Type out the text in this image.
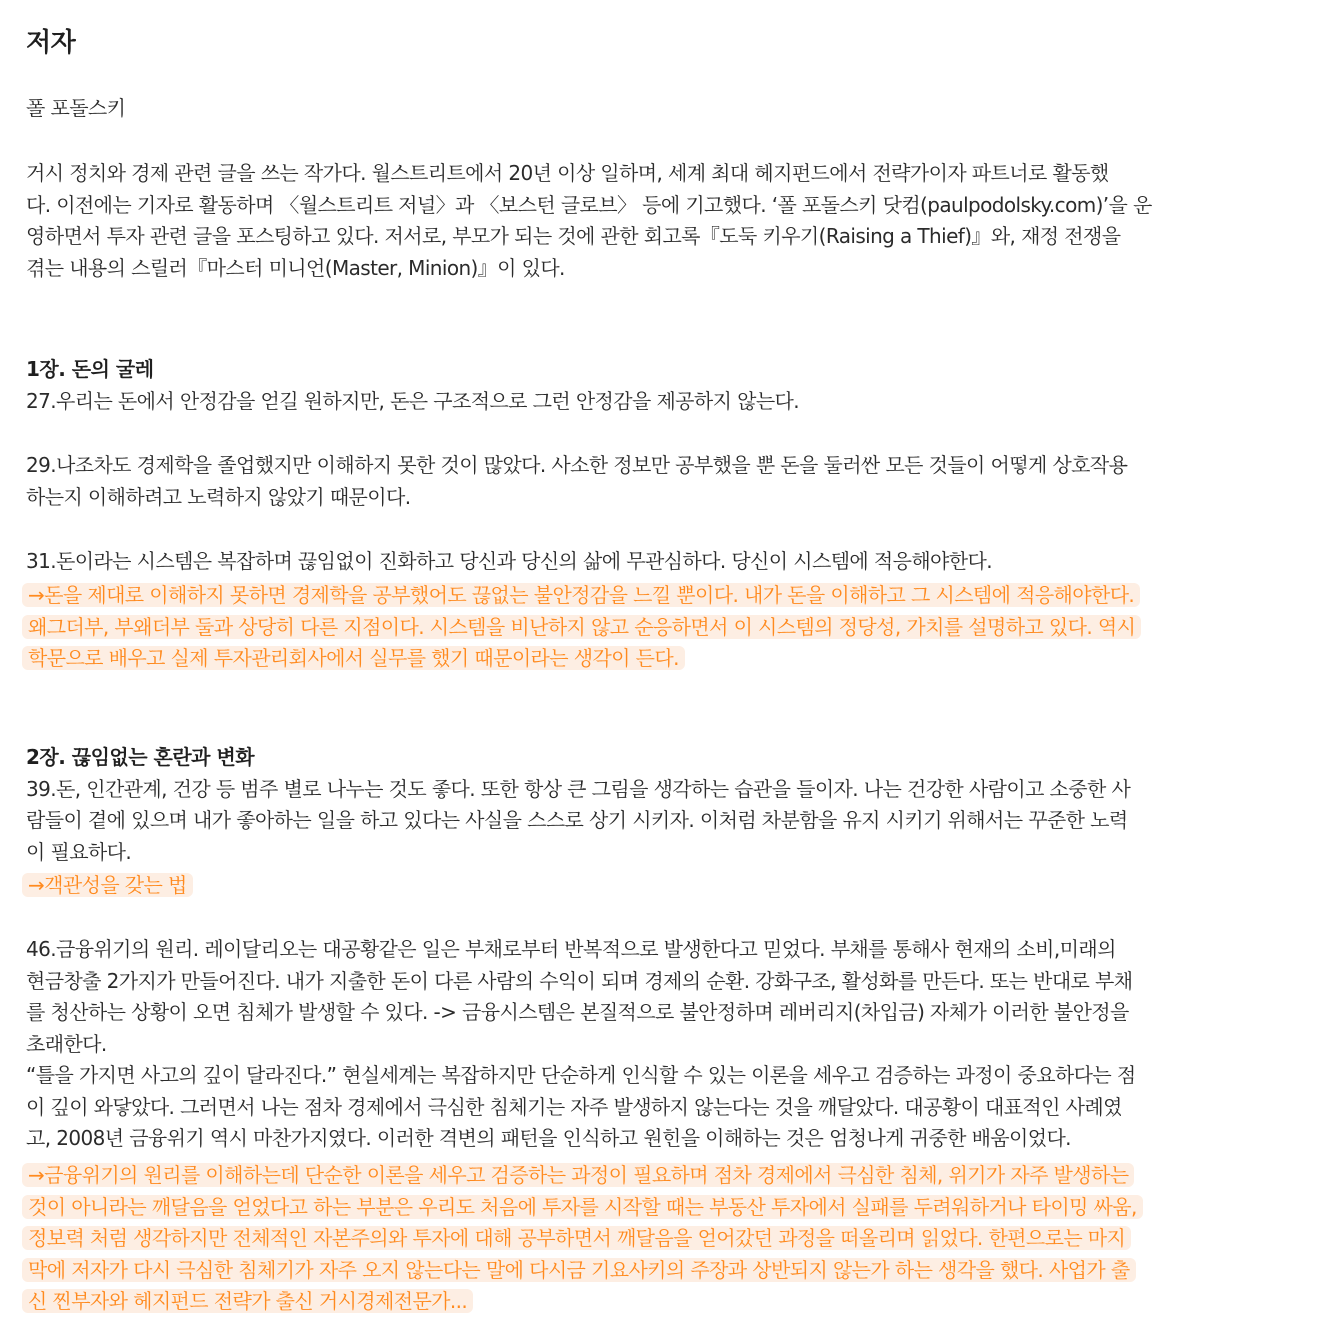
저자
폴 포돌스키
거시 정치와 경제 관련 글을 쓰는 작가다. 월스트리트에서 20년 이상 일하며, 세계 최대 헤지펀드에서 전략가이자 파트너로 활동했
다. 이전에는 기자로 활동하며 〈월스트리트 저널〉과 〈보스턴 글로브〉 등에 기고했다. ‘폴 포돌스키 닷컴(paulpodolsky.com)’을 운
영하면서 투자 관련 글을 포스팅하고 있다. 저서로, 부모가 되는 것에 관한 회고록『도둑 키우기(Raising a Thief)』와, 재정 전쟁을
겪는 내용의 스릴러『마스터 미니언(Master, Minion)』이 있다.
1장. 돈의 굴레
27.우리는 돈에서 안정감을 얻길 원하지만, 돈은 구조적으로 그런 안정감을 제공하지 않는다.
29.나조차도 경제학을 졸업했지만 이해하지 못한 것이 많았다. 사소한 정보만 공부했을 뿐 돈을 둘러싼 모든 것들이 어떻게 상호작용
하는지 이해하려고 노력하지 않았기 때문이다.
31.돈이라는 시스템은 복잡하며 끊임없이 진화하고 당신과 당신의 삶에 무관심하다. 당신이 시스템에 적응해야한다.
→돈을 제대로 이해하지 못하면 경제학을 공부했어도 끊없는 불안정감을 느낄 뿐이다. 내가 돈을 이해하고 그 시스템에 적응해야한다.
왜그더부, 부왜더부 둘과 상당히 다른 지점이다. 시스템을 비난하지 않고 순응하면서 이 시스템의 정당성, 가치를 설명하고 있다. 역시
학문으로 배우고 실제 투자관리회사에서 실무를 했기 때문이라는 생각이 든다.
2장. 끊임없는 혼란과 변화
39.돈, 인간관계, 건강 등 범주 별로 나누는 것도 좋다. 또한 항상 큰 그림을 생각하는 습관을 들이자. 나는 건강한 사람이고 소중한 사
람들이 곁에 있으며 내가 좋아하는 일을 하고 있다는 사실을 스스로 상기 시키자. 이처럼 차분함을 유지 시키기 위해서는 꾸준한 노력
이 필요하다.
→객관성을 갖는 법
46.금융위기의 원리. 레이달리오는 대공황같은 일은 부채로부터 반복적으로 발생한다고 믿었다. 부채를 통해사 현재의 소비,미래의
현금창출 2가지가 만들어진다. 내가 지출한 돈이 다른 사람의 수익이 되며 경제의 순환. 강화구조, 활성화를 만든다. 또는 반대로 부채
를 청산하는 상황이 오면 침체가 발생할 수 있다. -> 금융시스템은 본질적으로 불안정하며 레버리지(차입금) 자체가 이러한 불안정을
초래한다.
“틀을 가지면 사고의 깊이 달라진다.” 현실세계는 복잡하지만 단순하게 인식할 수 있는 이론을 세우고 검증하는 과정이 중요하다는 점
이 깊이 와닿았다. 그러면서 나는 점차 경제에서 극심한 침체기는 자주 발생하지 않는다는 것을 깨달았다. 대공황이 대표적인 사례였
고, 2008년 금융위기 역시 마찬가지였다. 이러한 격변의 패턴을 인식하고 원힌을 이해하는 것은 엄청나게 귀중한 배움이었다.
→금융위기의 원리를 이해하는데 단순한 이론을 세우고 검증하는 과정이 필요하며 점차 경제에서 극심한 침체, 위기가 자주 발생하는
것이 아니라는 깨달음을 얻었다고 하는 부분은 우리도 처음에 투자를 시작할 때는 부동산 투자에서 실패를 두려워하거나 타이밍 싸움,
정보력 처럼 생각하지만 전체적인 자본주의와 투자에 대해 공부하면서 깨달음을 얻어갔던 과정을 떠올리며 읽었다. 한편으로는 마지
막에 저자가 다시 극심한 침체기가 자주 오지 않는다는 말에 다시금 기요사키의 주장과 상반되지 않는가 하는 생각을 했다. 사업가 출
신 찐부자와 헤지펀드 전략가 출신 거시경제전문가...
